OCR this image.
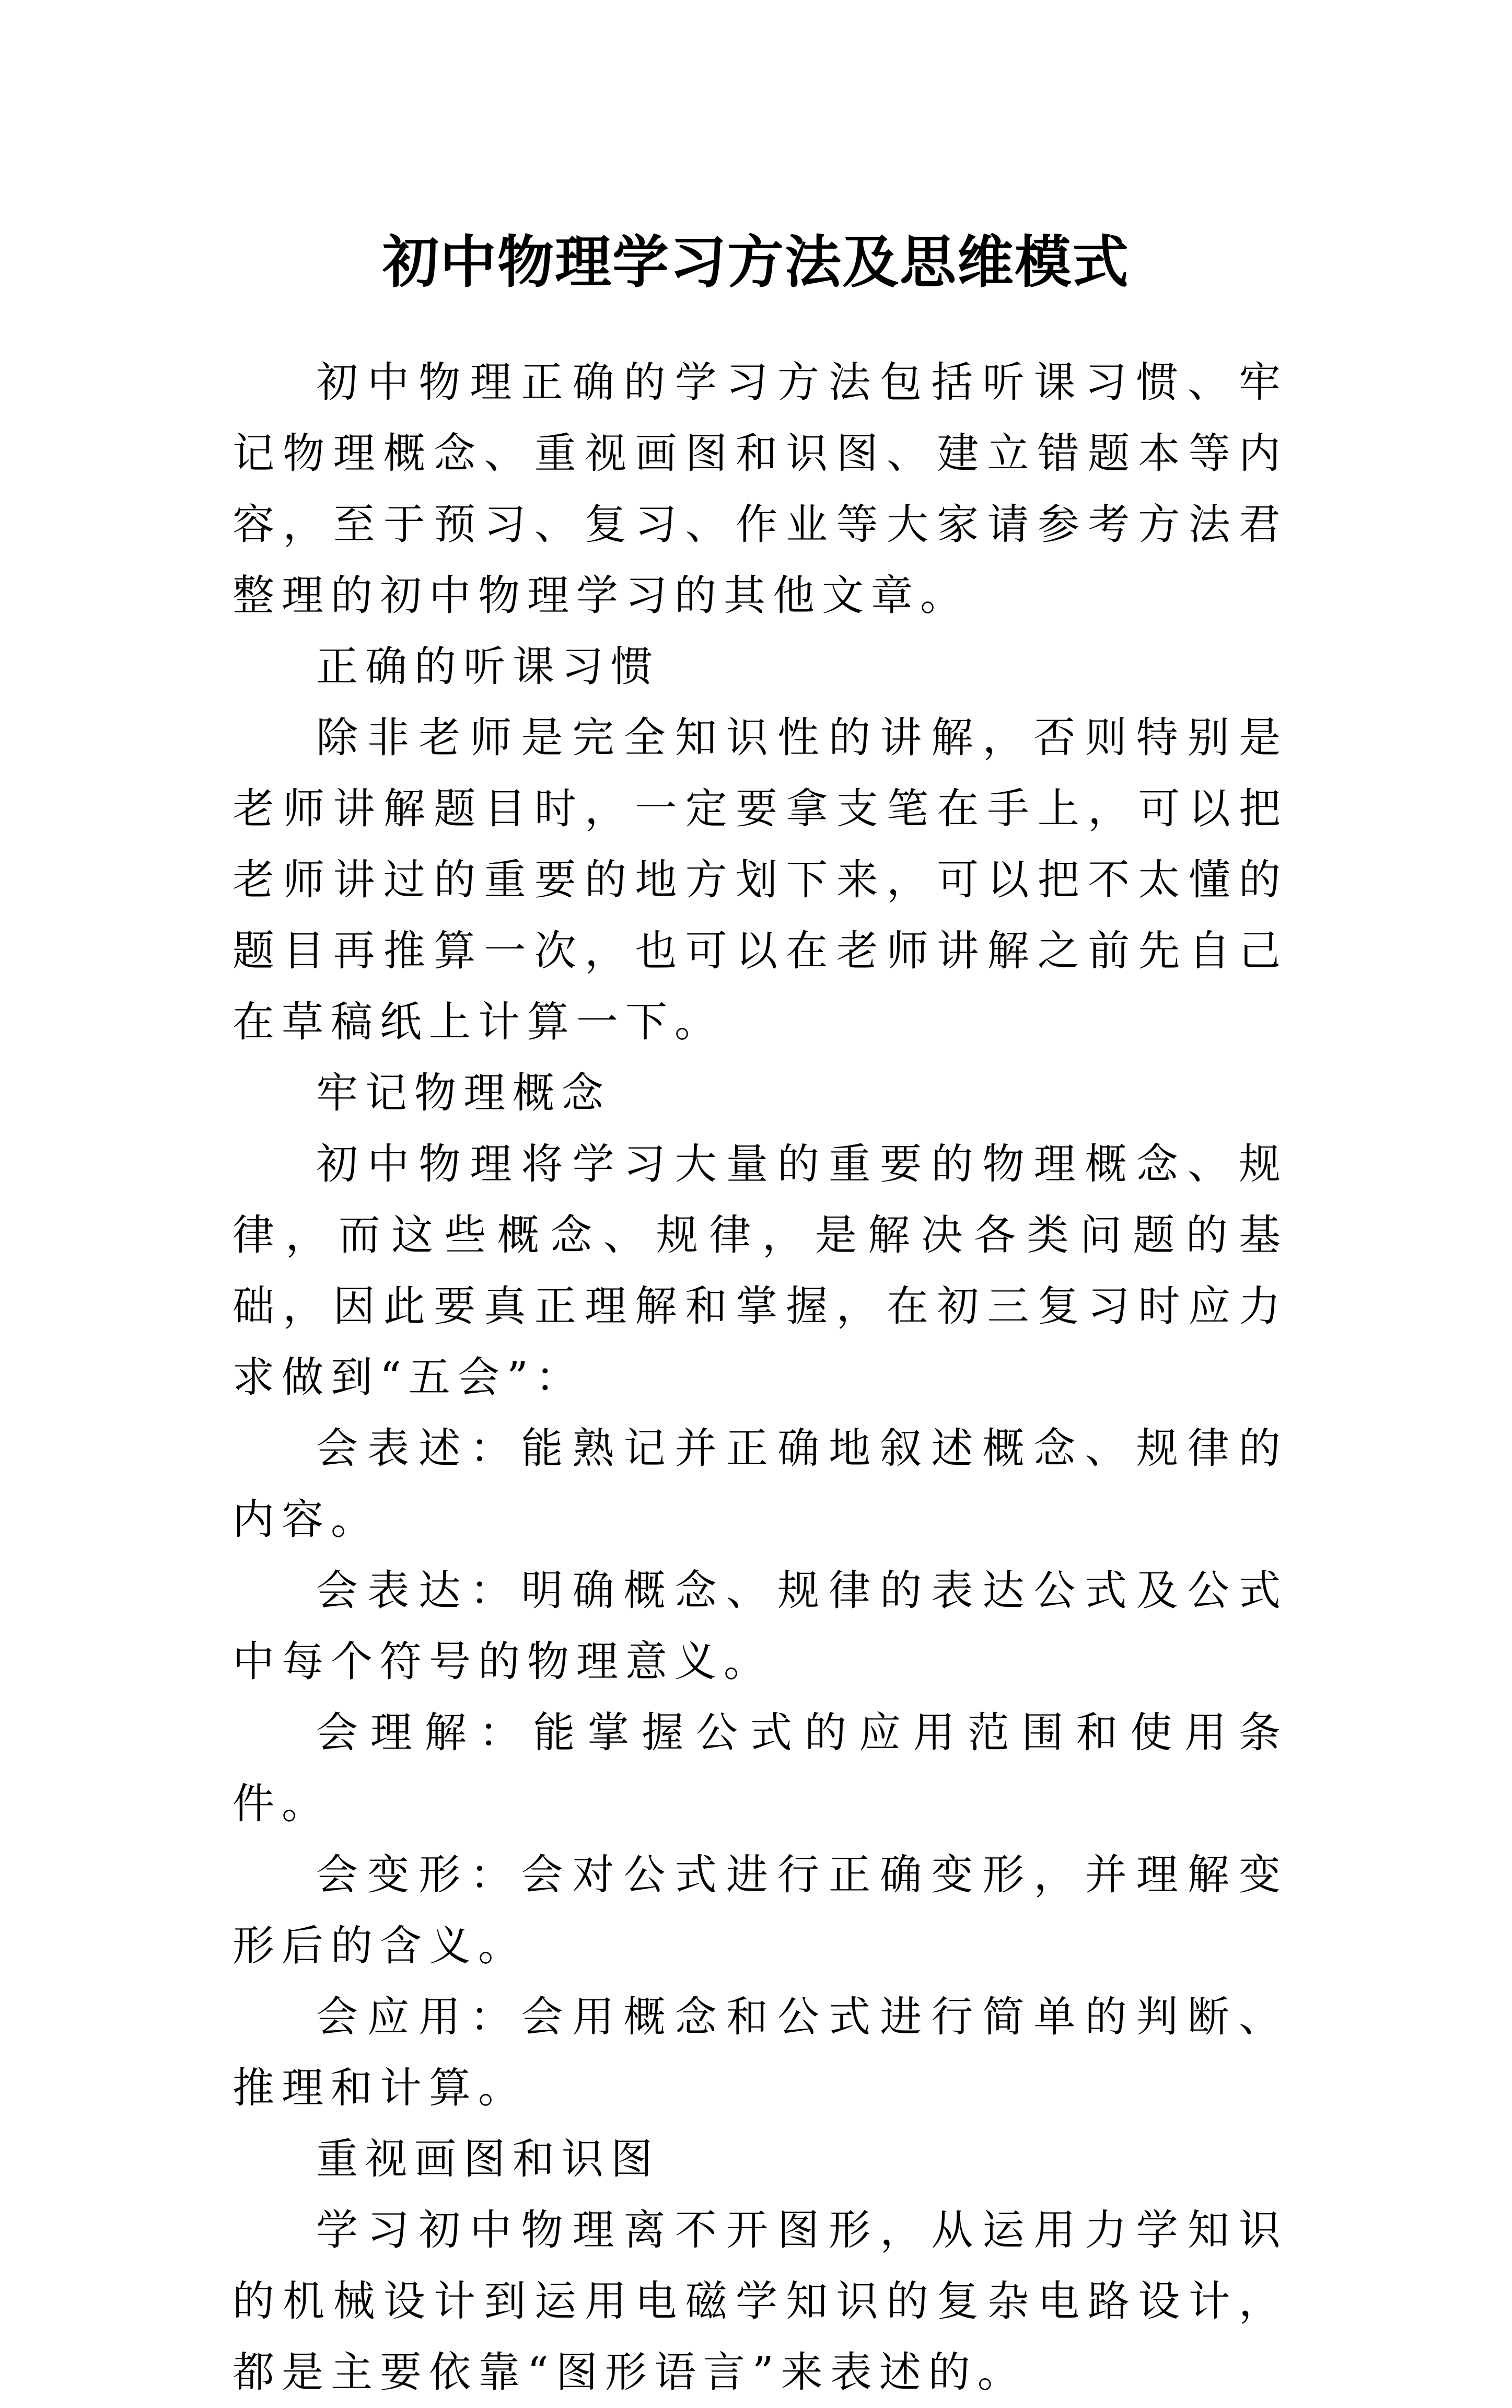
初中物理学习方法及思维模式

初中物理正确的学习方法包括听课习惯、牢记物理概念、重视画图和识图、建立错题本等内容，至于预习、复习、作业等大家请参考方法君整理的初中物理学习的其他文章。

正确的听课习惯

除非老师是完全知识性的讲解，否则特别是老师讲解题目时，一定要拿支笔在手上，可以把老师讲过的重要的地方划下来，可以把不太懂的题目再推算一次，也可以在老师讲解之前先自己在草稿纸上计算一下。

牢记物理概念

初中物理将学习大量的重要的物理概念、规律，而这些概念、规律，是解决各类问题的基础，因此要真正理解和掌握，在初三复习时应力求做到“五会”：

会表述：能熟记并正确地叙述概念、规律的内容。

会表达：明确概念、规律的表达公式及公式中每个符号的物理意义。

会理解：能掌握公式的应用范围和使用条件。

会变形：会对公式进行正确变形，并理解变形后的含义。

会应用：会用概念和公式进行简单的判断、推理和计算。

重视画图和识图

学习初中物理离不开图形，从运用力学知识的机械设计到运用电磁学知识的复杂电路设计，都是主要依靠“图形语言”来表述的。
